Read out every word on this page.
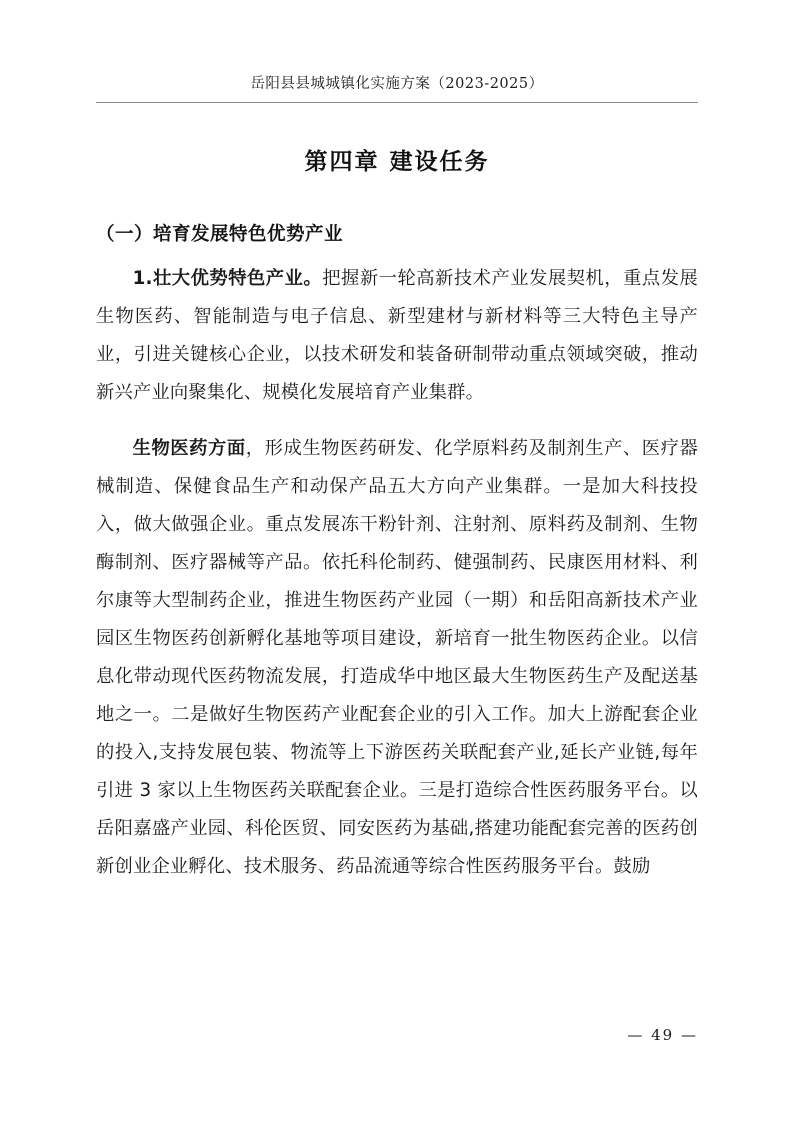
岳阳县县城城镇化实施方案（2023-2025）
第四章 建设任务
（一）培育发展特色优势产业

1.壮大优势特色产业。把握新一轮高新技术产业发展契机，重点发展生物医药、智能制造与电子信息、新型建材与新材料等三大特色主导产业，引进关键核心企业，以技术研发和装备研制带动重点领域突破，推动新兴产业向聚集化、规模化发展培育产业集群。

生物医药方面，形成生物医药研发、化学原料药及制剂生产、医疗器械制造、保健食品生产和动保产品五大方向产业集群。一是加大科技投入，做大做强企业。重点发展冻干粉针剂、注射剂、原料药及制剂、生物酶制剂、医疗器械等产品。依托科伦制药、健强制药、民康医用材料、利尔康等大型制药企业，推进生物医药产业园（一期）和岳阳高新技术产业园区生物医药创新孵化基地等项目建设，新培育一批生物医药企业。以信息化带动现代医药物流发展，打造成华中地区最大生物医药生产及配送基地之一。二是做好生物医药产业配套企业的引入工作。加大上游配套企业的投入,支持发展包装、物流等上下游医药关联配套产业,延长产业链,每年引进 3 家以上生物医药关联配套企业。三是打造综合性医药服务平台。以岳阳嘉盛产业园、科伦医贸、同安医药为基础,搭建功能配套完善的医药创新创业企业孵化、技术服务、药品流通等综合性医药服务平台。鼓励

— 49 —
